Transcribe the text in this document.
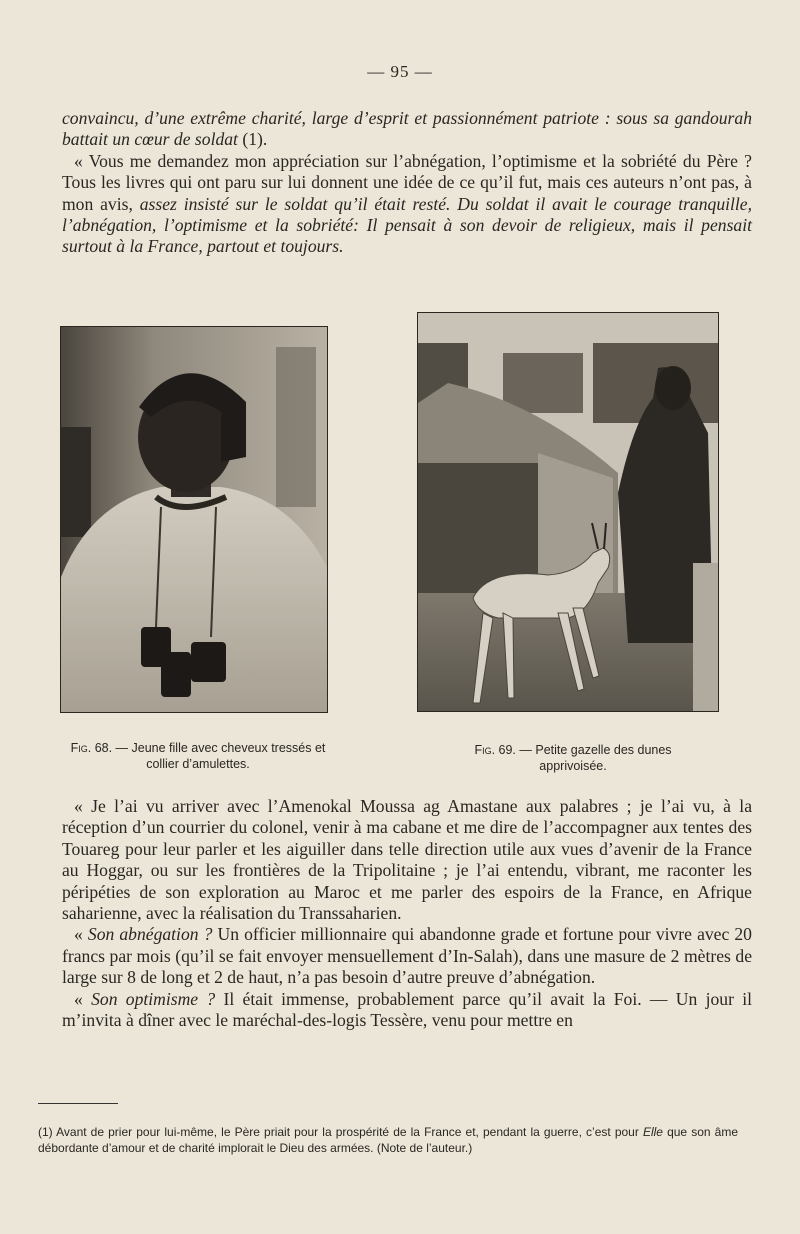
— 95 —

convaincu, d’une extrême charité, large d’esprit et passionnément patriote : sous sa gandourah battait un cœur de soldat (1).

« Vous me demandez mon appréciation sur l’abnégation, l’optimisme et la sobriété du Père ? Tous les livres qui ont paru sur lui donnent une idée de ce qu’il fut, mais ces auteurs n’ont pas, à mon avis, assez insisté sur le soldat qu’il était resté. Du soldat il avait le courage tranquille, l’abnégation, l’optimisme et la sobriété: Il pensait à son devoir de religieux, mais il pensait surtout à la France, partout et toujours.

Fig. 68. — Jeune fille avec cheveux tressés et collier d’amulettes.
Fig. 69. — Petite gazelle des dunes apprivoisée.

« Je l’ai vu arriver avec l’Amenokal Moussa ag Amastane aux palabres ; je l’ai vu, à la réception d’un courrier du colonel, venir à ma cabane et me dire de l’accompagner aux tentes des Touareg pour leur parler et les aiguiller dans telle direction utile aux vues d’avenir de la France au Hoggar, ou sur les frontières de la Tripolitaine ; je l’ai entendu, vibrant, me raconter les péripéties de son exploration au Maroc et me parler des espoirs de la France, en Afrique saharienne, avec la réalisation du Transsaharien.

« Son abnégation ? Un officier millionnaire qui abandonne grade et fortune pour vivre avec 20 francs par mois (qu’il se fait envoyer mensuellement d’In-Salah), dans une masure de 2 mètres de large sur 8 de long et 2 de haut, n’a pas besoin d’autre preuve d’abnégation.

« Son optimisme ? Il était immense, probablement parce qu’il avait la Foi. — Un jour il m’invita à dîner avec le maréchal-des-logis Tessère, venu pour mettre en

(1) Avant de prier pour lui-même, le Père priait pour la prospérité de la France et, pendant la guerre, c’est pour Elle que son âme débordante d’amour et de charité implorait le Dieu des armées. (Note de l’auteur.)
